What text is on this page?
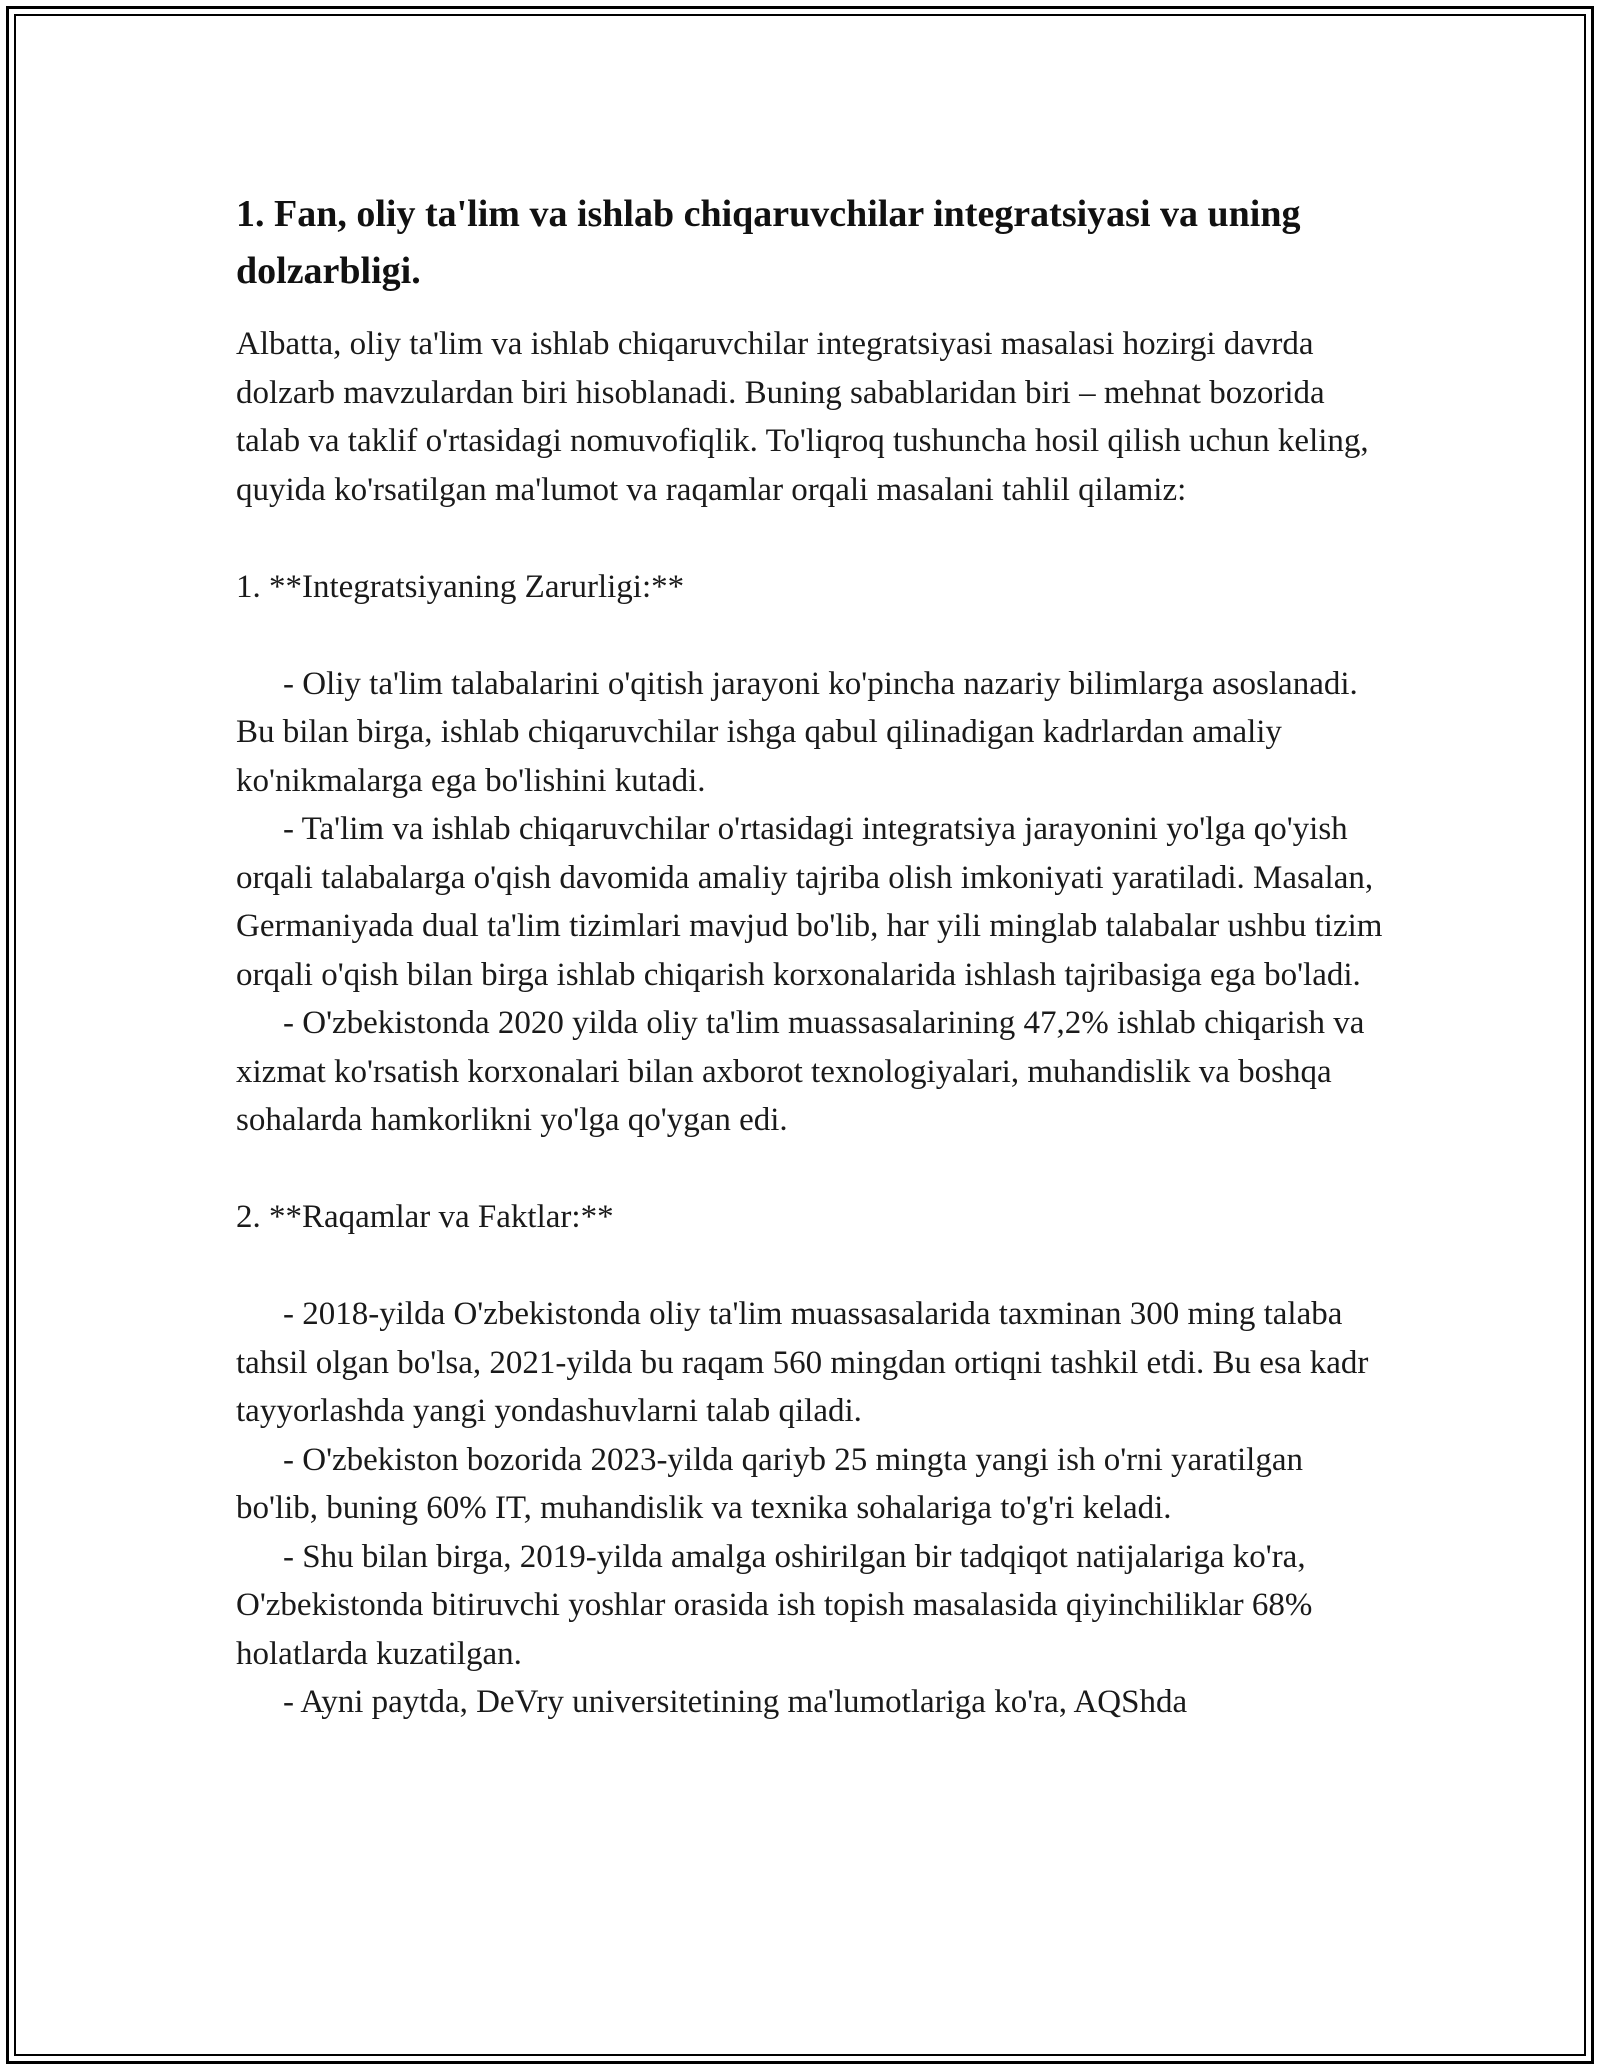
1. Fan, oliy ta'lim va ishlab chiqaruvchilar integratsiyasi va uning dolzarbligi.

Albatta, oliy ta'lim va ishlab chiqaruvchilar integratsiyasi masalasi hozirgi davrda dolzarb mavzulardan biri hisoblanadi. Buning sabablaridan biri – mehnat bozorida talab va taklif o'rtasidagi nomuvofiqlik. To'liqroq tushuncha hosil qilish uchun keling, quyida ko'rsatilgan ma'lumot va raqamlar orqali masalani tahlil qilamiz:

1. **Integratsiyaning Zarurligi:**

- Oliy ta'lim talabalarini o'qitish jarayoni ko'pincha nazariy bilimlarga asoslanadi. Bu bilan birga, ishlab chiqaruvchilar ishga qabul qilinadigan kadrlardan amaliy ko'nikmalarga ega bo'lishini kutadi.

- Ta'lim va ishlab chiqaruvchilar o'rtasidagi integratsiya jarayonini yo'lga qo'yish orqali talabalarga o'qish davomida amaliy tajriba olish imkoniyati yaratiladi. Masalan, Germaniyada dual ta'lim tizimlari mavjud bo'lib, har yili minglab talabalar ushbu tizim orqali o'qish bilan birga ishlab chiqarish korxonalarida ishlash tajribasiga ega bo'ladi.

- O'zbekistonda 2020 yilda oliy ta'lim muassasalarining 47,2% ishlab chiqarish va xizmat ko'rsatish korxonalari bilan axborot texnologiyalari, muhandislik va boshqa sohalarda hamkorlikni yo'lga qo'ygan edi.

2. **Raqamlar va Faktlar:**

- 2018-yilda O'zbekistonda oliy ta'lim muassasalarida taxminan 300 ming talaba tahsil olgan bo'lsa, 2021-yilda bu raqam 560 mingdan ortiqni tashkil etdi. Bu esa kadr tayyorlashda yangi yondashuvlarni talab qiladi.

- O'zbekiston bozorida 2023-yilda qariyb 25 mingta yangi ish o'rni yaratilgan bo'lib, buning 60% IT, muhandislik va texnika sohalariga to'g'ri keladi.

- Shu bilan birga, 2019-yilda amalga oshirilgan bir tadqiqot natijalariga ko'ra, O'zbekistonda bitiruvchi yoshlar orasida ish topish masalasida qiyinchiliklar 68% holatlarda kuzatilgan.

- Ayni paytda, DeVry universitetining ma'lumotlariga ko'ra, AQShda
